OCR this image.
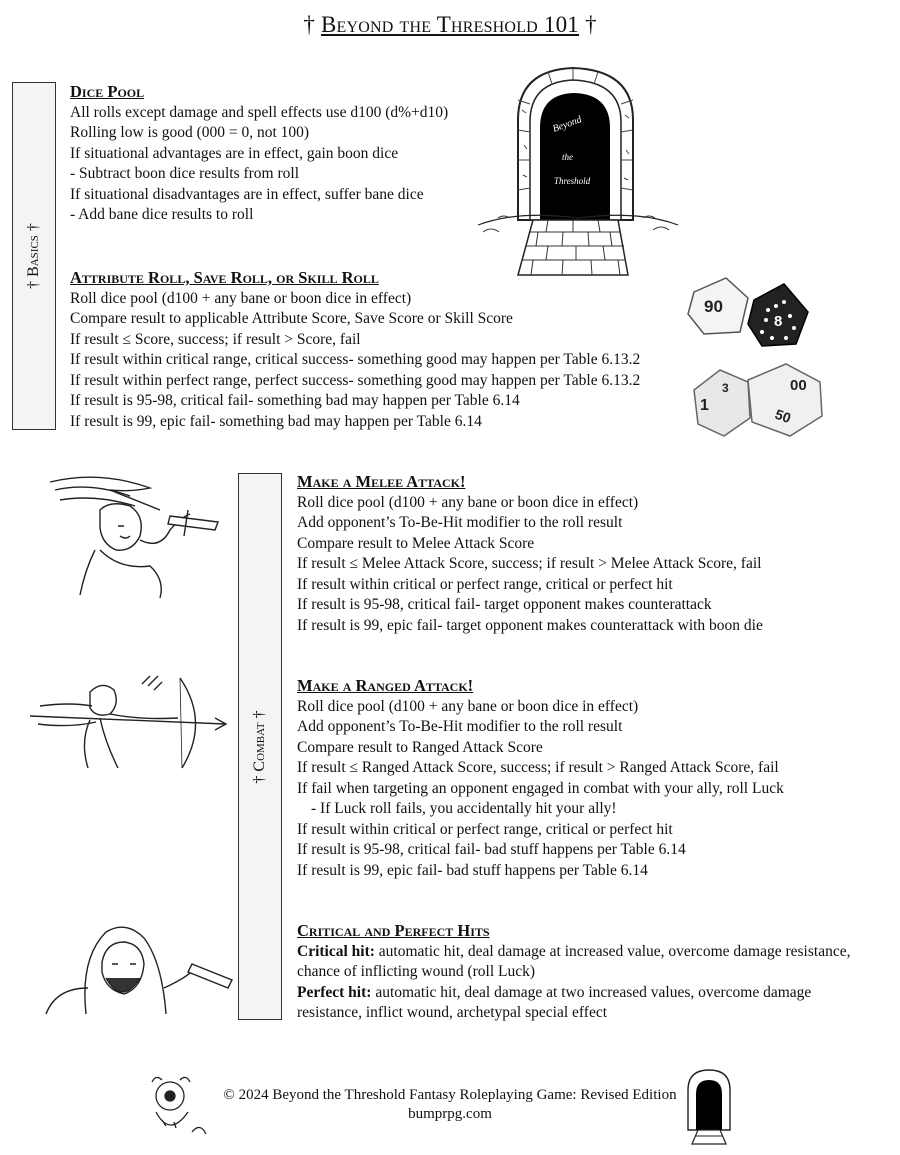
† Beyond the Threshold 101 †
† Basics †
Dice Pool
All rolls except damage and spell effects use d100 (d%+d10)
Rolling low is good (000 = 0, not 100)
If situational advantages are in effect, gain boon dice
- Subtract boon dice results from roll
If situational disadvantages are in effect, suffer bane dice
- Add bane dice results to roll
Attribute Roll, Save Roll, or Skill Roll
Roll dice pool (d100 + any bane or boon dice in effect)
Compare result to applicable Attribute Score, Save Score or Skill Score
If result ≤ Score, success; if result > Score, fail
If result within critical range, critical success- something good may happen per Table 6.13.2
If result within perfect range, perfect success- something good may happen per Table 6.13.2
If result is 95-98, critical fail- something bad may happen per Table 6.14
If result is 99, epic fail- something bad may happen per Table 6.14
Beyond
the
Threshold
90
8
1
3	00
50
† Combat †
Make a Melee Attack!
Roll dice pool (d100 + any bane or boon dice in effect)
Add opponent’s To-Be-Hit modifier to the roll result
Compare result to Melee Attack Score
If result ≤ Melee Attack Score, success; if result > Melee Attack Score, fail
If result within critical or perfect range, critical or perfect hit
If result is 95-98, critical fail- target opponent makes counterattack
If result is 99, epic fail- target opponent makes counterattack with boon die
Make a Ranged Attack!
Roll dice pool (d100 + any bane or boon dice in effect)
Add opponent’s To-Be-Hit modifier to the roll result
Compare result to Ranged Attack Score
If result ≤ Ranged Attack Score, success; if result > Ranged Attack Score, fail
If fail when targeting an opponent engaged in combat with your ally, roll Luck
- If Luck roll fails, you accidentally hit your ally!
If result within critical or perfect range, critical or perfect hit
If result is 95-98, critical fail- bad stuff happens per Table 6.14
If result is 99, epic fail- bad stuff happens per Table 6.14
Critical and Perfect Hits
Critical hit: automatic hit, deal damage at increased value, overcome damage resistance, chance of inflicting wound (roll Luck)
Perfect hit: automatic hit, deal damage at two increased values, overcome damage resistance, inflict wound, archetypal special effect
© 2024 Beyond the Threshold Fantasy Roleplaying Game: Revised Edition
bumprpg.com
